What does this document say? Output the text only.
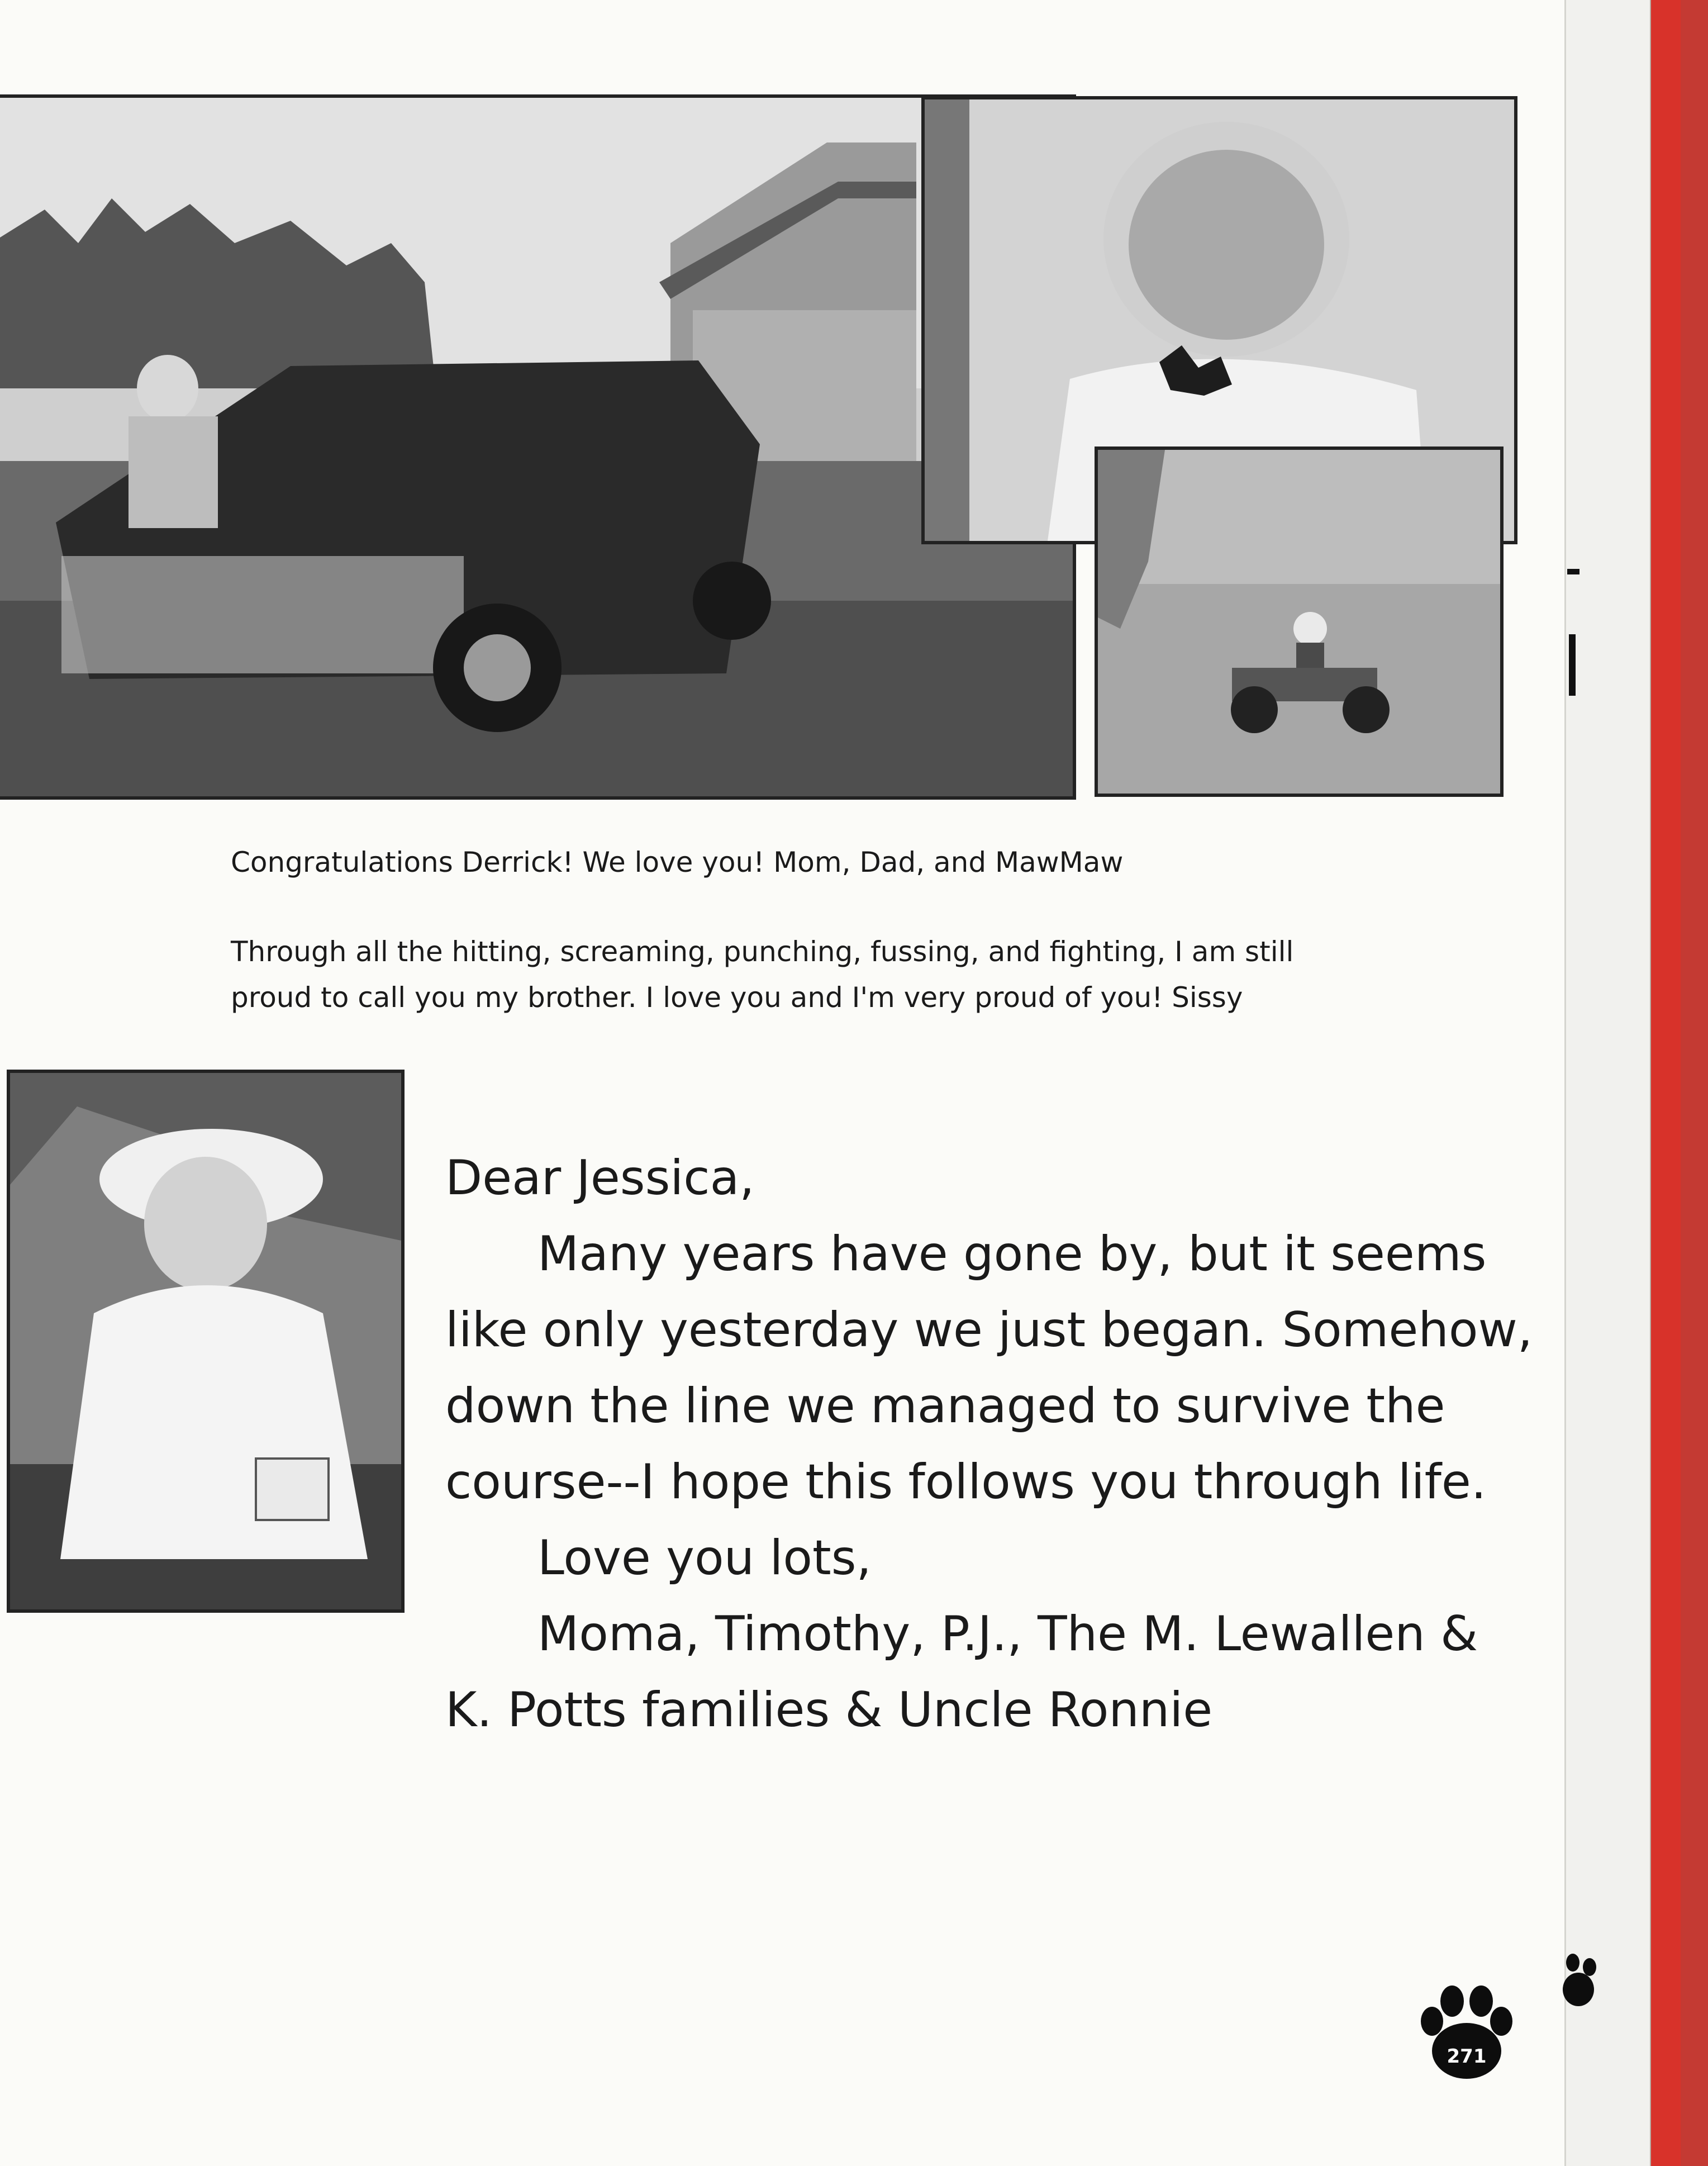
Congratulations Derrick! We love you! Mom, Dad, and MawMaw
Through all the hitting, screaming, punching, fussing, and fighting, I am still
proud to call you my brother. I love you and I'm very proud of you! Sissy
Dear Jessica,
Many years have gone by, but it seems
like only yesterday we just began. Somehow,
down the line we managed to survive the
course--I hope this follows you through life.
Love you lots,
Moma, Timothy, P.J., The M. Lewallen &
K. Potts families & Uncle Ronnie
271
